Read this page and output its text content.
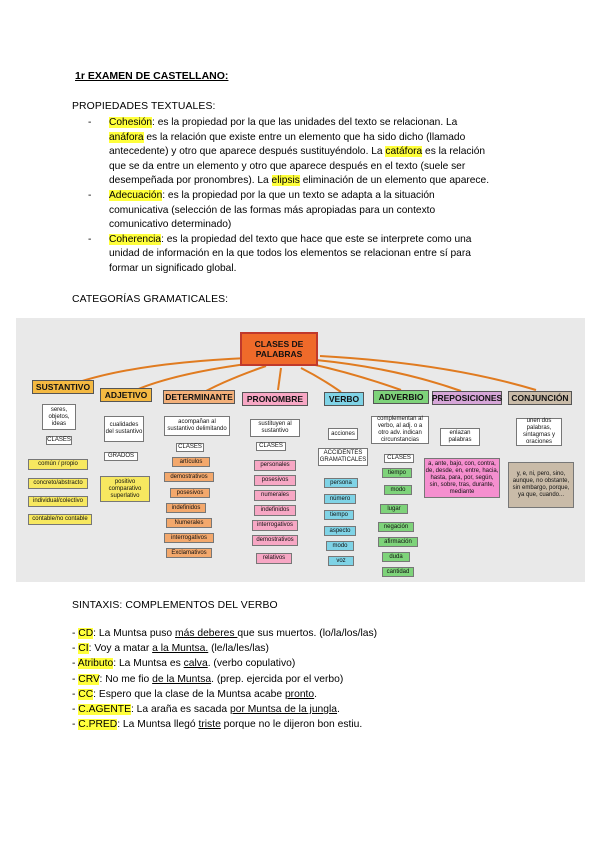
1r EXAMEN DE CASTELLANO:
PROPIEDADES TEXTUALES:
- Cohesión: es la propiedad por la que las unidades del texto se relacionan. La
anáfora es la relación que existe entre un elemento que ha sido dicho (llamado
antecedente) y otro que aparece después sustituyéndolo. La catáfora es la relación
que se da entre un elemento y otro que aparece después en el texto (suele ser
desempeñada por pronombres). La elipsis eliminación de un elemento que aparece.
- Adecuación: es la propiedad por la que un texto se adapta a la situación
comunicativa (selección de las formas más apropiadas para un contexto
comunicativo determinado)
- Coherencia: es la propiedad del texto que hace que este se interprete como una
unidad de información en la que todos los elementos se relacionan entre sí para
formar un significado global.
CATEGORÍAS GRAMATICALES:
CLASES DE PALABRAS
SUSTANTIVO
ADJETIVO	DETERMINANTE	PRONOMBRE	VERBO	ADVERBIO PREPOSICIONES	CONJUNCIÓN
seres, objetos, ideas
CLASES
común / propio
concreto/abstracto
individual/colectivo
contable/no contable
cualidades del sustantivo
GRADOS
positivo comparativo superlativo
acompañan al sustantivo delimitando
CLASES
artículos
demostrativos
posesivos
indefinidos
Numerales
interrogativos
Exclamativos
sustituyen al sustantivo
CLASES
personales
posesivos
numerales
indefinidos
interrogativos
demostrativos
relativos
acciones
ACCIDENTES GRAMATICALES
persona
número
tiempo
aspecto
modo
voz
complementan al verbo, al adj. o a otro adv. indican circunstancias
CLASES
tiempo
modo
lugar
negación
afirmación
duda
cantidad
enlazan palabras
a, ante, bajo, con, contra, de, desde, en, entre, hacia, hasta, para, por, según, sin, sobre, tras, durante, mediante
unen dos palabras, sintagmas y oraciones
y, e, ni, pero, sino, aunque, no obstante, sin embargo, porque, ya que, cuando...
SINTAXIS: COMPLEMENTOS DEL VERBO
- CD: La Muntsa puso más deberes que sus muertos. (lo/la/los/las)
- CI: Voy a matar a la Muntsa. (le/la/les/las)
- Atributo: La Muntsa es calva. (verbo copulativo)
- CRV: No me fio de la Muntsa. (prep. ejercida por el verbo)
- CC: Espero que la clase de la Muntsa acabe pronto.
- C.AGENTE: La araña es sacada por Muntsa de la jungla.
- C.PRED: La Muntsa llegó triste porque no le dijeron bon estiu.
